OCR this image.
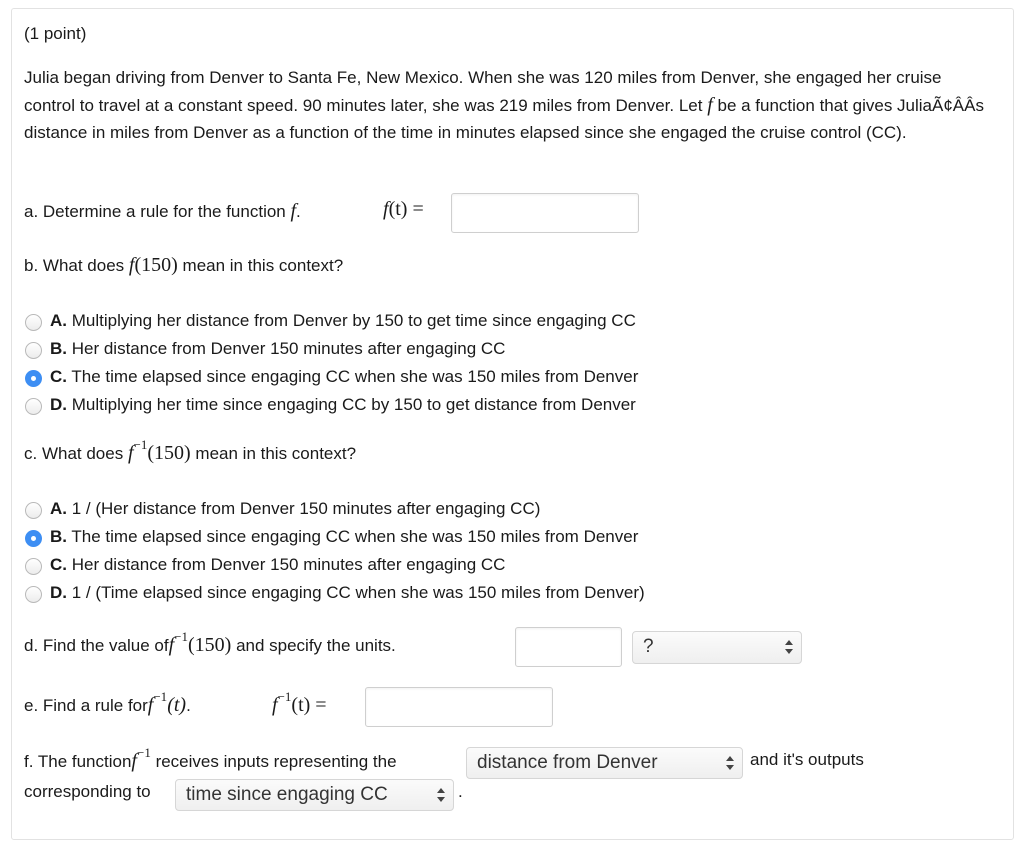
(1 point)
Julia began driving from Denver to Santa Fe, New Mexico. When she was 120 miles from Denver, she engaged her cruise control to travel at a constant speed. 90 minutes later, she was 219 miles from Denver. Let f be a function that gives JuliaÃ¢ÂÂs distance in miles from Denver as a function of the time in minutes elapsed since she engaged the cruise control (CC).
a. Determine a rule for the function f.	f(t) =
b. What does f(150) mean in this context?
A. Multiplying her distance from Denver by 150 to get time since engaging CC
B. Her distance from Denver 150 minutes after engaging CC
C. The time elapsed since engaging CC when she was 150 miles from Denver
D. Multiplying her time since engaging CC by 150 to get distance from Denver
c. What does $f^{-1}(150)$ mean in this context?
A. 1 / (Her distance from Denver 150 minutes after engaging CC)
B. The time elapsed since engaging CC when she was 150 miles from Denver
C. Her distance from Denver 150 minutes after engaging CC
D. 1 / (Time elapsed since engaging CC when she was 150 miles from Denver)
d. Find the value off$^{-1}$(150) and specify the units.	?
e. Find a rule forf$^{-1}$(t).	$f^{-1}(t)$ =
f. The functionf$^{-1}$ receives inputs representing the	distance from Denver	and it's outputs
corresponding to	time since engaging CC	.
